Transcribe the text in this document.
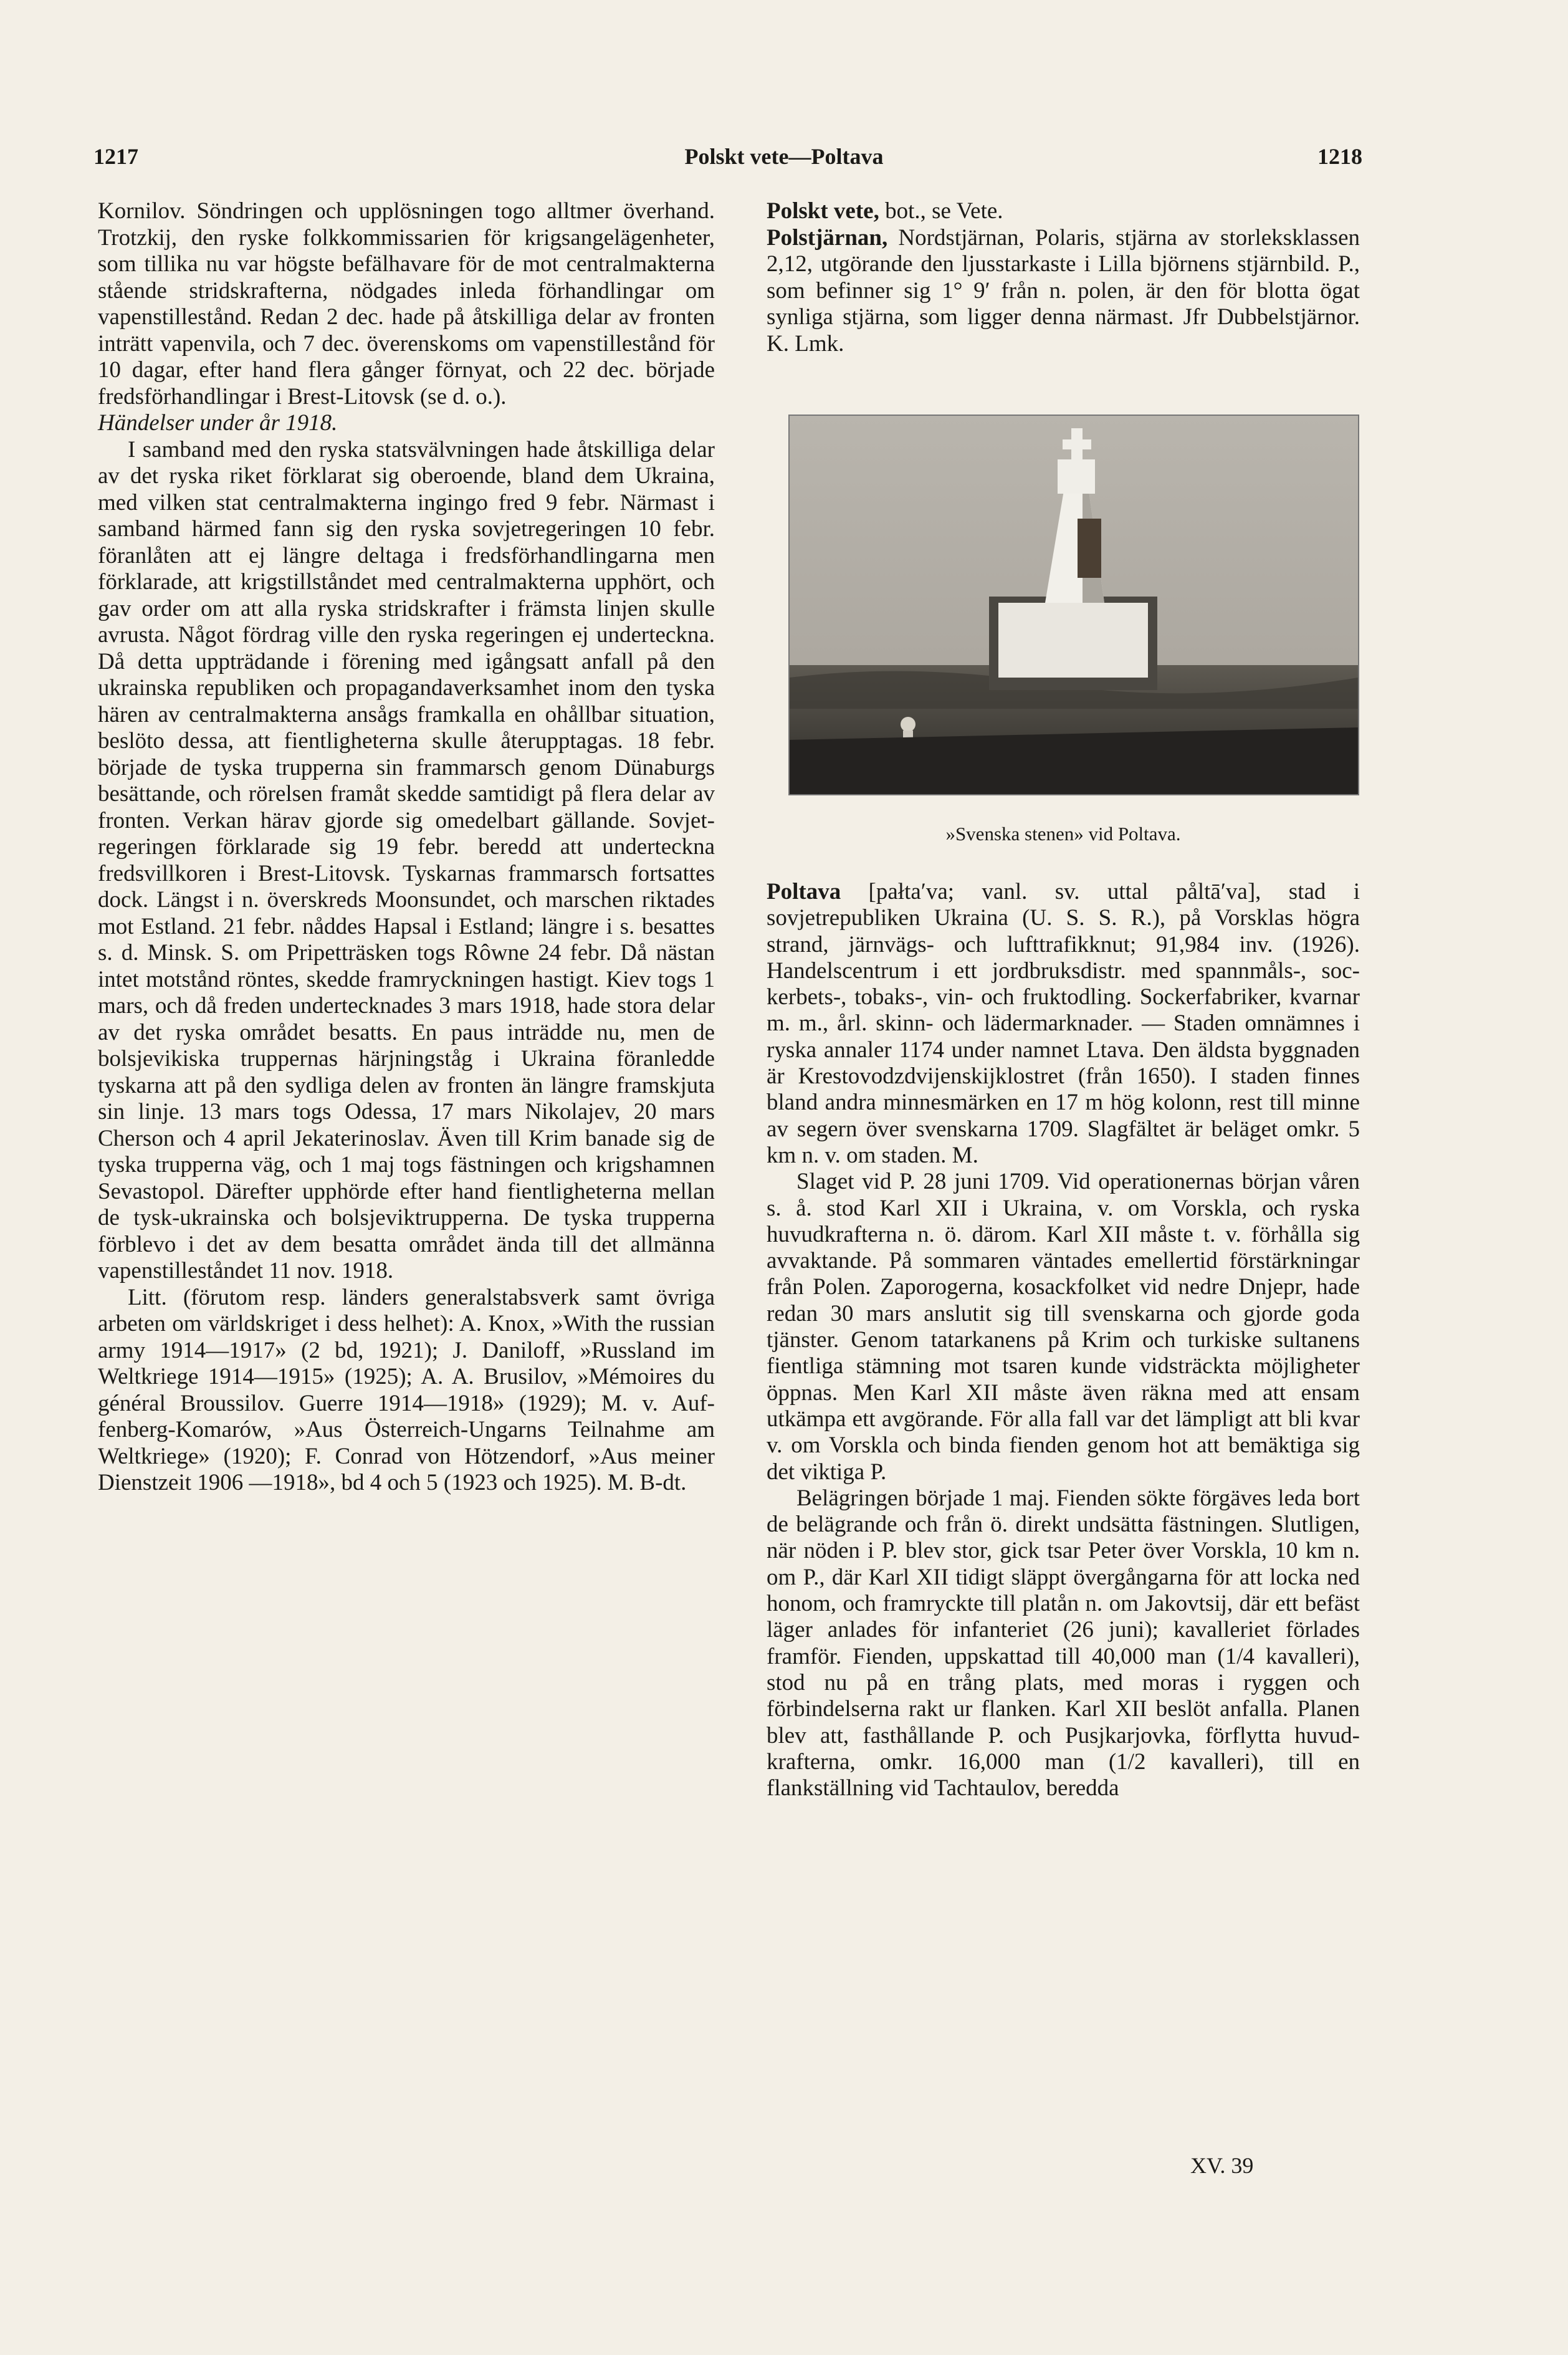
1217	Polskt vete—Poltava	1218

Kornilov. Söndringen och upplösningen togo alltmer överhand. Trotzkij, den ryske folkkommissarien för krigsangelägenheter, som tillika nu var högste befälhavare för de mot centralmakterna stående stridskrafterna, nödgades inleda förhandlingar om vapenstillestånd. Redan 2 dec. hade på åtskilliga delar av fronten inträtt vapenvila, och 7 dec. överenskoms om vapenstillestånd för 10 dagar, efter hand flera gånger förnyat, och 22 dec. började fredsförhandlingar i Brest-Litovsk (se d. o.).
Händelser under år 1918.

I samband med den ryska statsvälvningen hade åtskilliga delar av det ryska riket förklarat sig oberoende, bland dem Ukraina, med vilken stat centralmakterna ingingo fred 9 febr. Närmast i samband härmed fann sig den ryska sovjetregeringen 10 febr. föranlåten att ej längre deltaga i fredsförhandlingarna men förklarade, att krigstillståndet med centralmakterna upphört, och gav order om att alla ryska stridskrafter i främsta linjen skulle avrusta. Något fördrag ville den ryska regeringen ej underteckna. Då detta uppträdande i förening med igångsatt anfall på den ukrainska republiken och propagandaverksamhet inom den tyska hären av centralmakterna ansågs framkalla en ohållbar situation, beslöto dessa, att fientligheterna skulle återupptagas. 18 febr. började de tyska trupperna sin frammarsch genom Dünaburgs besättande, och rörelsen framåt skedde samtidigt på flera delar av fronten. Verkan härav gjorde sig omedelbart gällande. Sovjetregeringen förklarade sig 19 febr. beredd att underteckna fredsvillkoren i Brest-Litovsk. Tyskarnas frammarsch fortsattes dock. Längst i n. överskreds Moonsundet, och marschen riktades mot Estland. 21 febr. nåddes Hapsal i Estland; längre i s. besattes s. d. Minsk. S. om Pripetträsken togs Rôwne 24 febr. Då nästan intet motstånd röntes, skedde framryckningen hastigt. Kiev togs 1 mars, och då freden undertecknades 3 mars 1918, hade stora delar av det ryska området besatts. En paus inträdde nu, men de bolsjevikiska truppernas härjningståg i Ukraina föranledde tyskarna att på den sydliga delen av fronten än längre framskjuta sin linje. 13 mars togs Odessa, 17 mars Nikolajev, 20 mars Cherson och 4 april Jekaterinoslav. Även till Krim banade sig de tyska trupperna väg, och 1 maj togs fästningen och krigshamnen Sevastopol. Därefter upphörde efter hand fientligheterna mellan de tysk-ukrainska och bolsjeviktrupperna. De tyska trupperna förblevo i det av dem besatta området ända till det allmänna vapenstilleståndet 11 nov. 1918.

Litt. (förutom resp. länders generalstabsverk samt övriga arbeten om världskriget i dess helhet): A. Knox, »With the russian army 1914—1917» (2 bd, 1921); J. Daniloff, »Russland im Weltkriege 1914—1915» (1925); A. A. Brusilov, »Mémoires du général Broussilov. Guerre 1914—1918» (1929); M. v. Auffenberg-Komarów, »Aus Österreich-Ungarns Teilnahme am Weltkriege» (1920); F. Conrad von Hötzendorf, »Aus meiner Dienstzeit 1906 —1918», bd 4 och 5 (1923 och 1925). M. B-dt.

Polskt vete, bot., se Vete.

Polstjärnan, Nordstjärnan, Polaris, stjärna av storleksklassen 2,12, utgörande den ljusstarkaste i Lilla björnens stjärnbild. P., som befinner sig 1° 9′ från n. polen, är den för blotta ögat synliga stjärna, som ligger denna närmast. Jfr Dubbelstjärnor. K. Lmk.

»Svenska stenen» vid Poltava.

Poltava [pałta′va; vanl. sv. uttal påltā′va], stad i sovjetrepubliken Ukraina (U. S. S. R.), på Vorsklas högra strand, järnvägs- och lufttrafikknut; 91,984 inv. (1926). Handelscentrum i ett jordbruksdistr. med spannmåls-, sockerbets-, tobaks-, vin- och fruktodling. Sockerfabriker, kvarnar m. m., årl. skinn- och lädermarknader. — Staden omnämnes i ryska annaler 1174 under namnet Ltava. Den äldsta byggnaden är Krestovodzdvijenskijklostret (från 1650). I staden finnes bland andra minnesmärken en 17 m hög kolonn, rest till minne av segern över svenskarna 1709. Slagfältet är beläget omkr. 5 km n. v. om staden. M.

Slaget vid P. 28 juni 1709. Vid operationernas början våren s. å. stod Karl XII i Ukraina, v. om Vorskla, och ryska huvudkrafterna n. ö. därom. Karl XII måste t. v. förhålla sig avvaktande. På sommaren väntades emellertid förstärkningar från Polen. Zaporogerna, kosackfolket vid nedre Dnjepr, hade redan 30 mars anslutit sig till svenskarna och gjorde goda tjänster. Genom tatarkanens på Krim och turkiske sultanens fientliga stämning mot tsaren kunde vidsträckta möjligheter öppnas. Men Karl XII måste även räkna med att ensam utkämpa ett avgörande. För alla fall var det lämpligt att bli kvar v. om Vorskla och binda fienden genom hot att bemäktiga sig det viktiga P.

Belägringen började 1 maj. Fienden sökte förgäves leda bort de belägrande och från ö. direkt undsätta fästningen. Slutligen, när nöden i P. blev stor, gick tsar Peter över Vorskla, 10 km n. om P., där Karl XII tidigt släppt övergångarna för att locka ned honom, och framryckte till platån n. om Jakovtsij, där ett befäst läger anlades för infanteriet (26 juni); kavalleriet förlades framför. Fienden, uppskattad till 40,000 man (1/4 kavalleri), stod nu på en trång plats, med moras i ryggen och förbindelserna rakt ur flanken. Karl XII beslöt anfalla. Planen blev att, fasthållande P. och Pusjkarjovka, förflytta huvudkrafterna, omkr. 16,000 man (1/2 kavalleri), till en flankställning vid Tachtaulov, beredda

XV. 39
